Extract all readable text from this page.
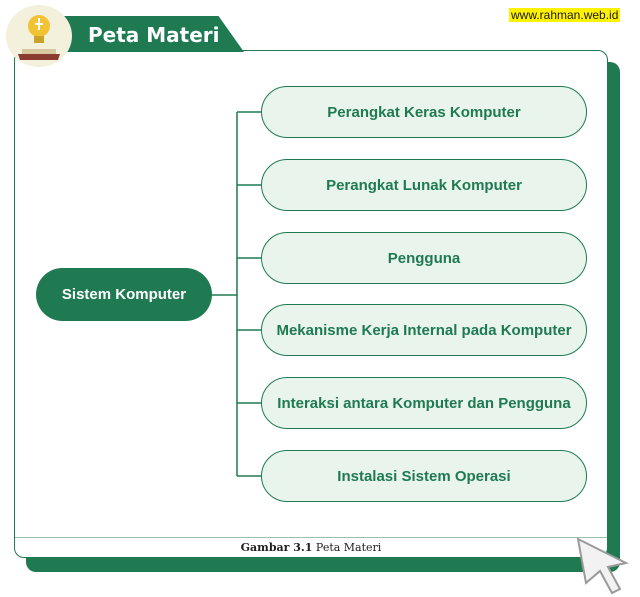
www.rahman.web.id
Peta Materi
Sistem Komputer
Perangkat Keras Komputer
Perangkat Lunak Komputer
Pengguna
Mekanisme Kerja Internal pada Komputer
Interaksi antara Komputer dan Pengguna
Instalasi Sistem Operasi
Gambar 3.1 Peta Materi
